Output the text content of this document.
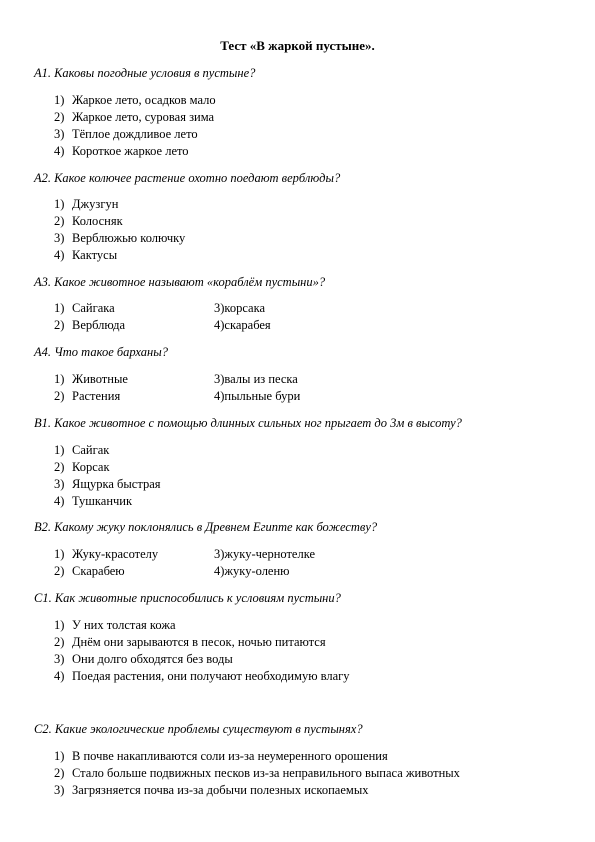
Тест «В жаркой пустыне».
А1. Каковы погодные условия в пустыне?
1) Жаркое лето, осадков мало
2) Жаркое лето, суровая зима
3) Тёплое дождливое лето
4) Короткое жаркое лето
А2. Какое колючее растение охотно поедают верблюды?
1) Джузгун
2) Колосняк
3) Верблюжью колючку
4) Кактусы
А3. Какое животное называют «кораблём пустыни»?
1) Сайгака	3)корсака
2) Верблюда	4)скарабея
А4. Что такое барханы?
1) Животные	3)валы из песка
2) Растения	4)пыльные бури
В1. Какое животное с помощью длинных сильных ног прыгает до 3м в высоту?
1) Сайгак
2) Корсак
3) Ящурка быстрая
4) Тушканчик
В2. Какому жуку поклонялись в Древнем Египте как божеству?
1) Жуку-красотелу	3)жуку-чернотелке
2) Скарабею	4)жуку-оленю
С1. Как животные приспособились к условиям пустыни?
1) У них толстая кожа
2) Днём они зарываются в песок, ночью питаются
3) Они долго обходятся без воды
4) Поедая растения, они получают необходимую влагу
С2. Какие экологические проблемы существуют в пустынях?
1) В почве накапливаются соли из-за неумеренного орошения
2) Стало больше подвижных песков из-за неправильного выпаса животных
3) Загрязняется почва из-за добычи полезных ископаемых
